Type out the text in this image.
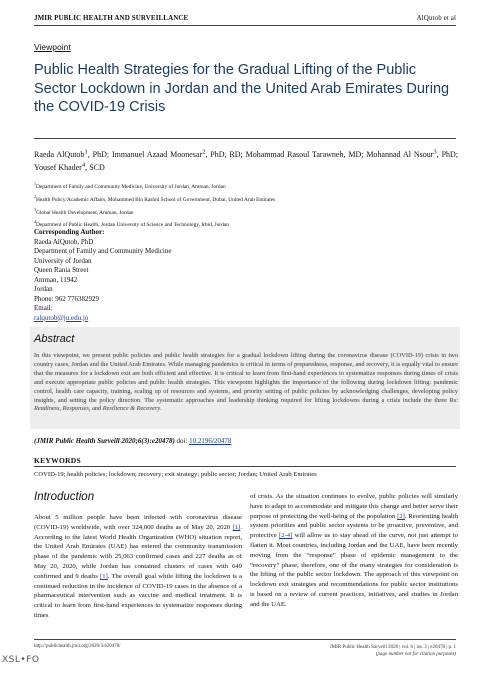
JMIR PUBLIC HEALTH AND SURVEILLANCE	AlQutob et al
Viewpoint
Public Health Strategies for the Gradual Lifting of the Public Sector Lockdown in Jordan and the United Arab Emirates During the COVID-19 Crisis
Raeda AlQutob$^1$, PhD; Immanuel Azaad Moonesar$^2$, PhD, RD; Mohammad Rasoul Tarawneh, MD; Mohannad Al Nsour$^3$, PhD; Yousef Khader$^4$, SCD
$^1$Department of Family and Community Medicine, University of Jordan, Amman, Jordan
$^2$Health Policy/Academic Affairs, Mohammed Bin Rashid School of Government, Dubai, United Arab Emirates
$^3$Global Health Development, Amman, Jordan
$^4$Department of Public Health, Jordan University of Science and Technology, Irbid, Jordan
Corresponding Author:
Raeda AlQutob, PhD
Department of Family and Community Medicine
University of Jordan
Queen Rania Street
Amman, 11942
Jordan
Phone: 962 776382929
Email:
ralqutob@ju.edu.jo
Abstract
In this viewpoint, we present public policies and public health strategies for a gradual lockdown lifting during the coronavirus disease (COVID-19) crisis in two country cases, Jordan and the United Arab Emirates. While managing pandemics is critical in terms of preparedness, response, and recovery, it is equally vital to ensure that the measures for a lockdown exit are both efficient and effective. It is critical to learn from first-hand experiences to systematize responses during times of crisis and execute appropriate public policies and public health strategies. This viewpoint highlights the importance of the following during lockdown lifting: pandemic control, health care capacity, training, scaling up of resources and systems, and priority setting of public policies by acknowledging challenges, developing policy insights, and setting the policy direction. The systematic approaches and leadership thinking required for lifting lockdowns during a crisis include the three Rs: Readiness, Responses, and Resilience & Recovery.
(JMIR Public Health Surveill 2020;6(3):e20478) doi: 10.2196/20478
KEYWORDS
COVID-19; health policies; lockdown; recovery; exit strategy; public sector; Jordan; United Arab Emirates
Introduction
About 5 million people have been infected with coronavirus disease (COVID-19) worldwide, with over 324,000 deaths as of May 20, 2020 [1]. According to the latest World Health Organization (WHO) situation report, the United Arab Emirates (UAE) has entered the community transmission phase of the pandemic with 25,063 confirmed cases and 227 deaths as of May 20, 2020, while Jordan has contained clusters of cases with 649 confirmed and 9 deaths [1]. The overall goal while lifting the lockdown is a continued reduction in the incidence of COVID-19 cases in the absence of a pharmaceutical intervention such as vaccine and medical treatment. It is critical to learn from first-hand experiences to systematize responses during times
of crisis. As the situation continues to evolve, public policies will similarly have to adapt to accommodate and mitigate this change and better serve their purpose of protecting the well-being of the population [2]. Reorienting health system priorities and public sector systems to be proactive, preventive, and protective [2-4] will allow us to stay ahead of the curve, not just attempt to flatten it. Most countries, including Jordan and the UAE, have been recently moving from the “response” phase of epidemic management to the “recovery” phase; therefore, one of the many strategies for consideration is the lifting of the public sector lockdown. The approach of this viewpoint on lockdown exit strategies and recommendations for public sector institutions is based on a review of current practices, initiatives, and studies in Jordan and the UAE.
http://publichealth.jmir.org/2020/3/e20478/	JMIR Public Health Surveill 2020 | vol. 6 | iss. 3 | e20478 | p. 1
(page number not for citation purposes)
XSL•FO
